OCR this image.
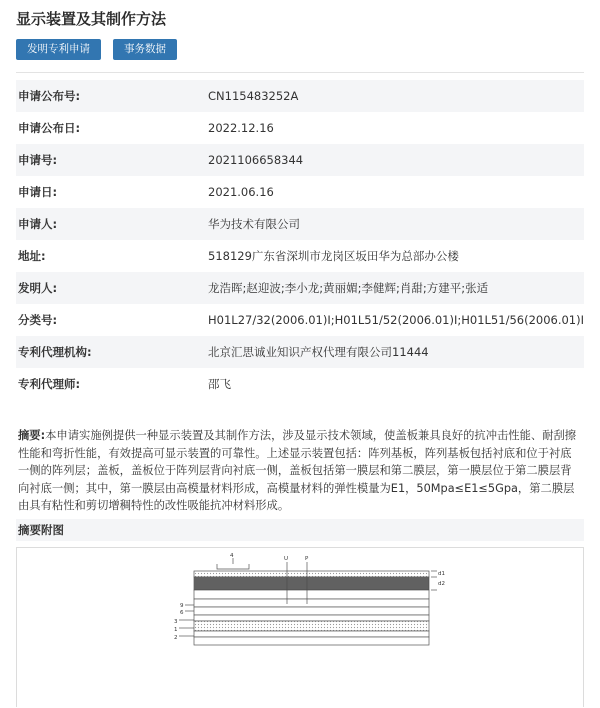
显示装置及其制作方法
发明专利申请	事务数据
申请公布号:	CN115483252A
申请公布日:	2022.12.16
申请号:	2021106658344
申请日:	2021.06.16
申请人:	华为技术有限公司
地址:	518129广东省深圳市龙岗区坂田华为总部办公楼
发明人:	龙浩晖;赵迎波;李小龙;黄丽媚;李健辉;肖甜;方建平;张适
分类号:	H01L27/32(2006.01)I;H01L51/52(2006.01)I;H01L51/56(2006.01)I
专利代理机构:	北京汇思诚业知识产权代理有限公司11444
专利代理师:	邵飞
摘要:本申请实施例提供一种显示装置及其制作方法，涉及显示技术领域，使盖板兼具良好的抗冲击性能、耐刮擦性能和弯折性能，有效提高可显示装置的可靠性。上述显示装置包括：阵列基板，阵列基板包括衬底和位于衬底一侧的阵列层；盖板，盖板位于阵列层背向衬底一侧，盖板包括第一膜层和第二膜层，第一膜层位于第二膜层背向衬底一侧；其中，第一膜层由高模量材料形成，高模量材料的弹性模量为E1，50Mpa≤E1≤5Gpa，第二膜层由具有粘性和剪切增稠特性的改性吸能抗冲材料形成。
摘要附图
4	U	P
d1
d2
9
6
3
1
2
